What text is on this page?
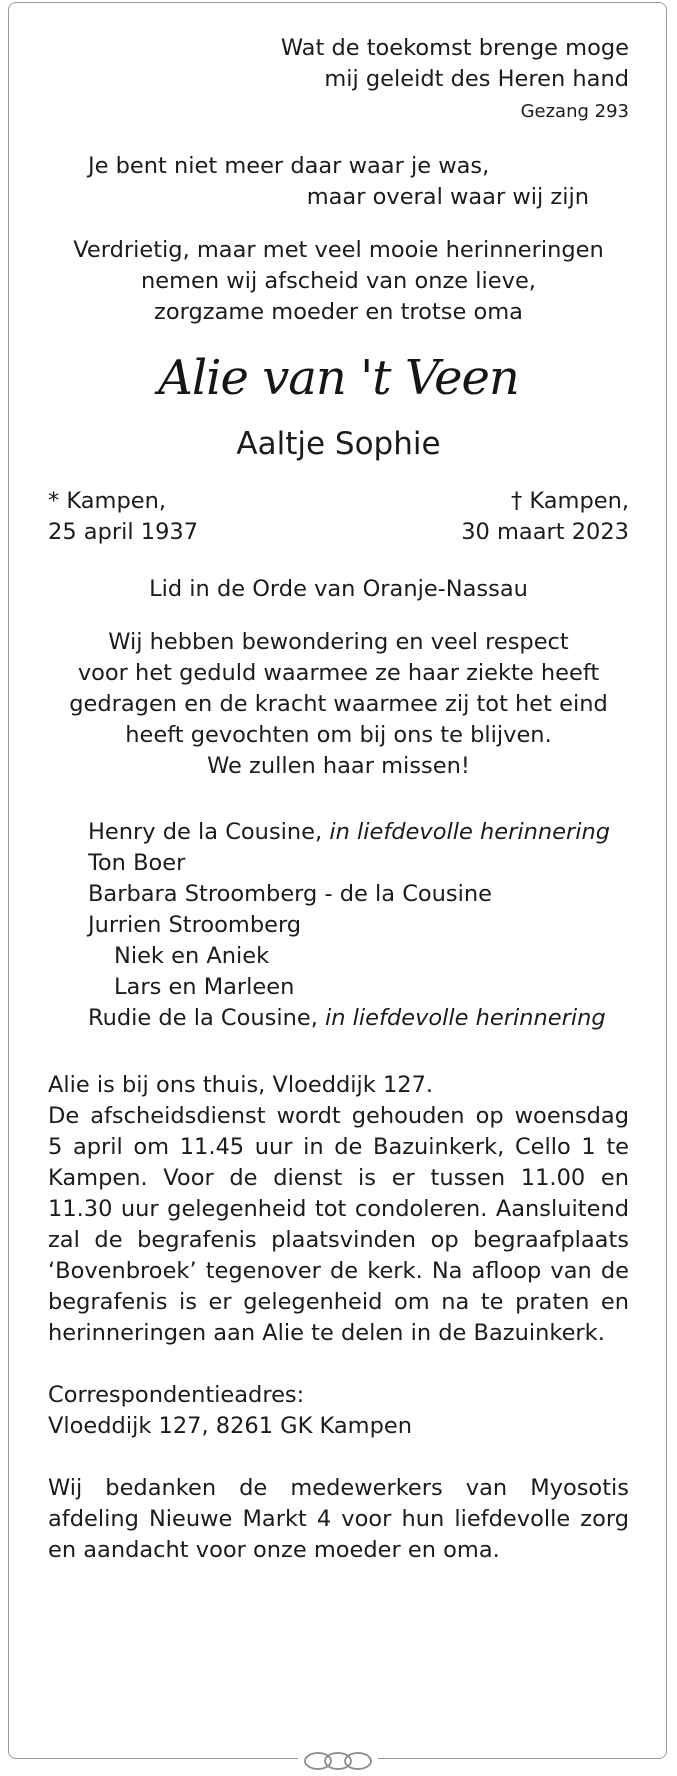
Wat de toekomst brenge moge
mij geleidt des Heren hand
Gezang 293
Je bent niet meer daar waar je was,
maar overal waar wij zijn
Verdrietig, maar met veel mooie herinneringen
nemen wij afscheid van onze lieve,
zorgzame moeder en trotse oma
Alie van 't Veen
Aaltje Sophie
* Kampen,
25 april 1937
† Kampen,
30 maart 2023
Lid in de Orde van Oranje-Nassau
Wij hebben bewondering en veel respect
voor het geduld waarmee ze haar ziekte heeft
gedragen en de kracht waarmee zij tot het eind
heeft gevochten om bij ons te blijven.
We zullen haar missen!
Henry de la Cousine, in liefdevolle herinnering
Ton Boer
Barbara Stroomberg - de la Cousine
Jurrien Stroomberg
Niek en Aniek
Lars en Marleen
Rudie de la Cousine, in liefdevolle herinnering
Alie is bij ons thuis, Vloeddijk 127.
De afscheidsdienst wordt gehouden op woensdag 5 april om 11.45 uur in de Bazuinkerk, Cello 1 te Kampen. Voor de dienst is er tussen 11.00 en 11.30 uur gelegenheid tot condoleren. Aansluitend zal de begrafenis plaatsvinden op begraafplaats ‘Bovenbroek’ tegenover de kerk. Na afloop van de begrafenis is er gelegenheid om na te praten en herinneringen aan Alie te delen in de Bazuinkerk.
Correspondentieadres:
Vloeddijk 127, 8261 GK Kampen
Wij bedanken de medewerkers van Myosotis afdeling Nieuwe Markt 4 voor hun liefdevolle zorg en aandacht voor onze moeder en oma.
